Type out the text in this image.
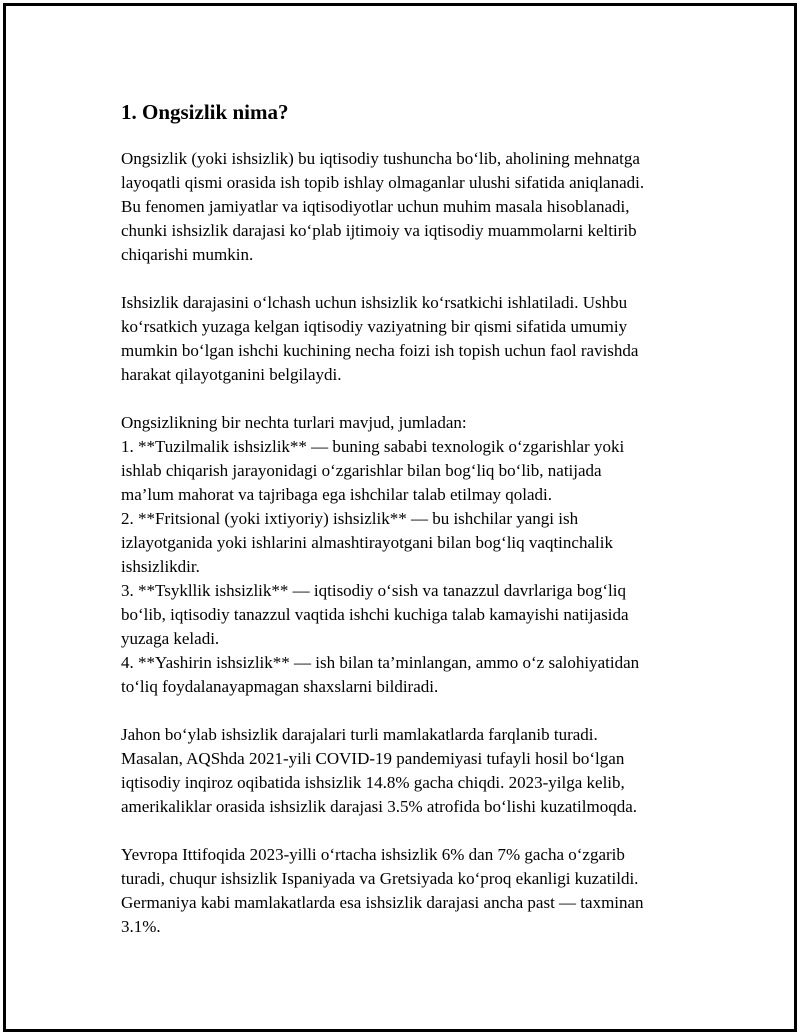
1. Ongsizlik nima?

Ongsizlik (yoki ishsizlik) bu iqtisodiy tushuncha bo‘lib, aholining mehnatga
layoqatli qismi orasida ish topib ishlay olmaganlar ulushi sifatida aniqlanadi.
Bu fenomen jamiyatlar va iqtisodiyotlar uchun muhim masala hisoblanadi,
chunki ishsizlik darajasi ko‘plab ijtimoiy va iqtisodiy muammolarni keltirib
chiqarishi mumkin.

Ishsizlik darajasini o‘lchash uchun ishsizlik ko‘rsatkichi ishlatiladi. Ushbu
ko‘rsatkich yuzaga kelgan iqtisodiy vaziyatning bir qismi sifatida umumiy
mumkin bo‘lgan ishchi kuchining necha foizi ish topish uchun faol ravishda
harakat qilayotganini belgilaydi.

Ongsizlikning bir nechta turlari mavjud, jumladan:
1. **Tuzilmalik ishsizlik** — buning sababi texnologik o‘zgarishlar yoki
ishlab chiqarish jarayonidagi o‘zgarishlar bilan bog‘liq bo‘lib, natijada
ma’lum mahorat va tajribaga ega ishchilar talab etilmay qoladi.
2. **Fritsional (yoki ixtiyoriy) ishsizlik** — bu ishchilar yangi ish
izlayotganida yoki ishlarini almashtirayotgani bilan bog‘liq vaqtinchalik
ishsizlikdir.
3. **Tsykllik ishsizlik** — iqtisodiy o‘sish va tanazzul davrlariga bog‘liq
bo‘lib, iqtisodiy tanazzul vaqtida ishchi kuchiga talab kamayishi natijasida
yuzaga keladi.
4. **Yashirin ishsizlik** — ish bilan ta’minlangan, ammo o‘z salohiyatidan
to‘liq foydalanayapmagan shaxslarni bildiradi.

Jahon bo‘ylab ishsizlik darajalari turli mamlakatlarda farqlanib turadi.
Masalan, AQShda 2021-yili COVID-19 pandemiyasi tufayli hosil bo‘lgan
iqtisodiy inqiroz oqibatida ishsizlik 14.8% gacha chiqdi. 2023-yilga kelib,
amerikaliklar orasida ishsizlik darajasi 3.5% atrofida bo‘lishi kuzatilmoqda.

Yevropa Ittifoqida 2023-yilli o‘rtacha ishsizlik 6% dan 7% gacha o‘zgarib
turadi, chuqur ishsizlik Ispaniyada va Gretsiyada ko‘proq ekanligi kuzatildi.
Germaniya kabi mamlakatlarda esa ishsizlik darajasi ancha past — taxminan
3.1%.
